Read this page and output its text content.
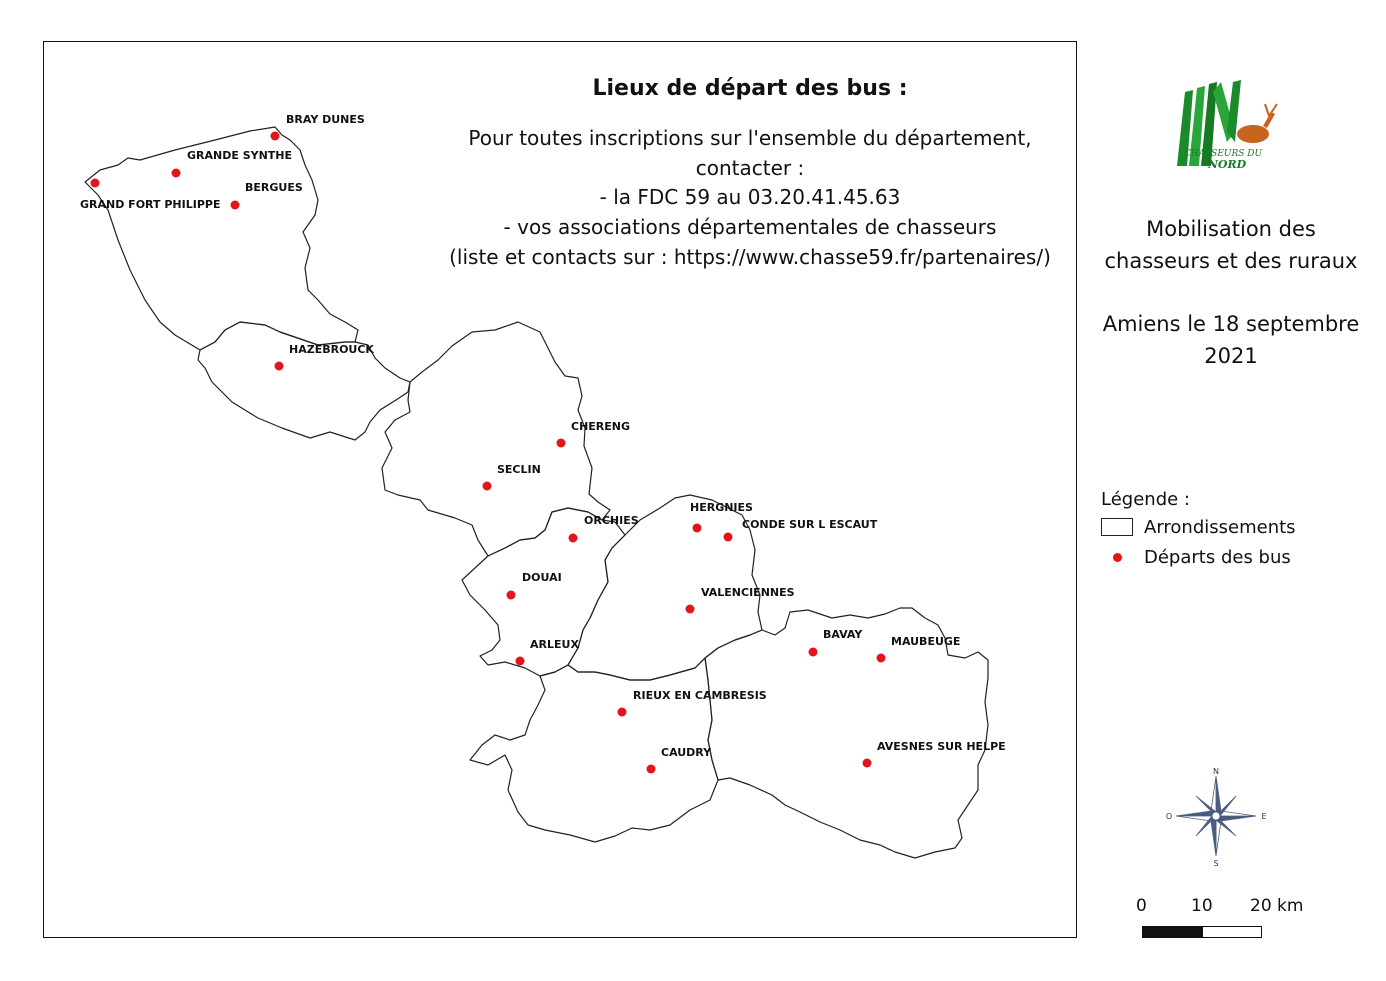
BRAY DUNES
GRANDE SYNTHE
BERGUES
GRAND FORT PHILIPPE
HAZEBROUCK
CHERENG
SECLIN
ORCHIES
HERGNIES
CONDE SUR L ESCAUT
DOUAI
VALENCIENNES
ARLEUX
BAVAY
MAUBEUGE
RIEUX EN CAMBRESIS
CAUDRY	AVESNES SUR HELPE
Lieux de départ des bus :
Pour toutes inscriptions sur l'ensemble du département,
contacter :
- la FDC 59 au 03.20.41.45.63
- vos associations départementales de chasseurs
(liste et contacts sur : https://www.chasse59.fr/partenaires/)
CHASSEURS DU
NORD
Mobilisation des
chasseurs et des ruraux
Amiens le 18 septembre
2021
Légende :
Arrondissements
Départs des bus
N
S
E
O
0	10 20 km
